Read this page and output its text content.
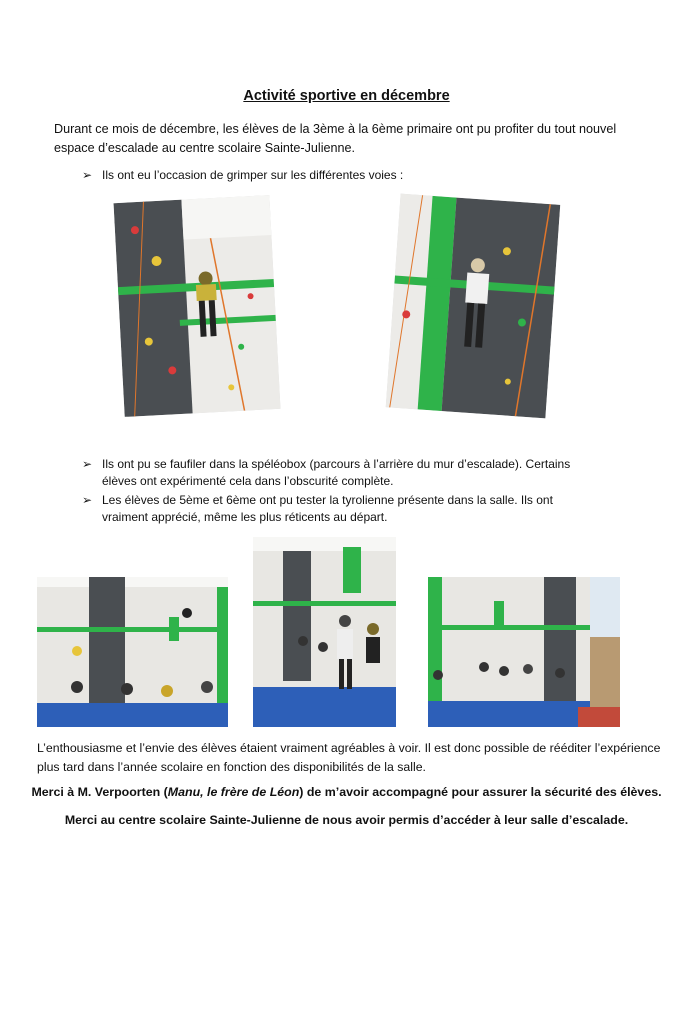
Activité sportive en décembre
Durant ce mois de décembre, les élèves de la 3ème à la 6ème primaire ont pu profiter du tout nouvel
espace d’escalade au centre scolaire Sainte-Julienne.
➢ Ils ont eu l’occasion de grimper sur les différentes voies :
➢ Ils ont pu se faufiler dans la spéléobox (parcours à l’arrière du mur d’escalade). Certains
élèves ont expérimenté cela dans l’obscurité complète.
➢ Les élèves de 5ème et 6ème ont pu tester la tyrolienne présente dans la salle. Ils ont
vraiment apprécié, même les plus réticents au départ.
L’enthousiasme et l’envie des élèves étaient vraiment agréables à voir. Il est donc possible de rééditer l’expérience
plus tard dans l’année scolaire en fonction des disponibilités de la salle.
Merci à M. Verpoorten (Manu, le frère de Léon) de m’avoir accompagné pour assurer la sécurité des élèves.
Merci au centre scolaire Sainte-Julienne de nous avoir permis d’accéder à leur salle d’escalade.
